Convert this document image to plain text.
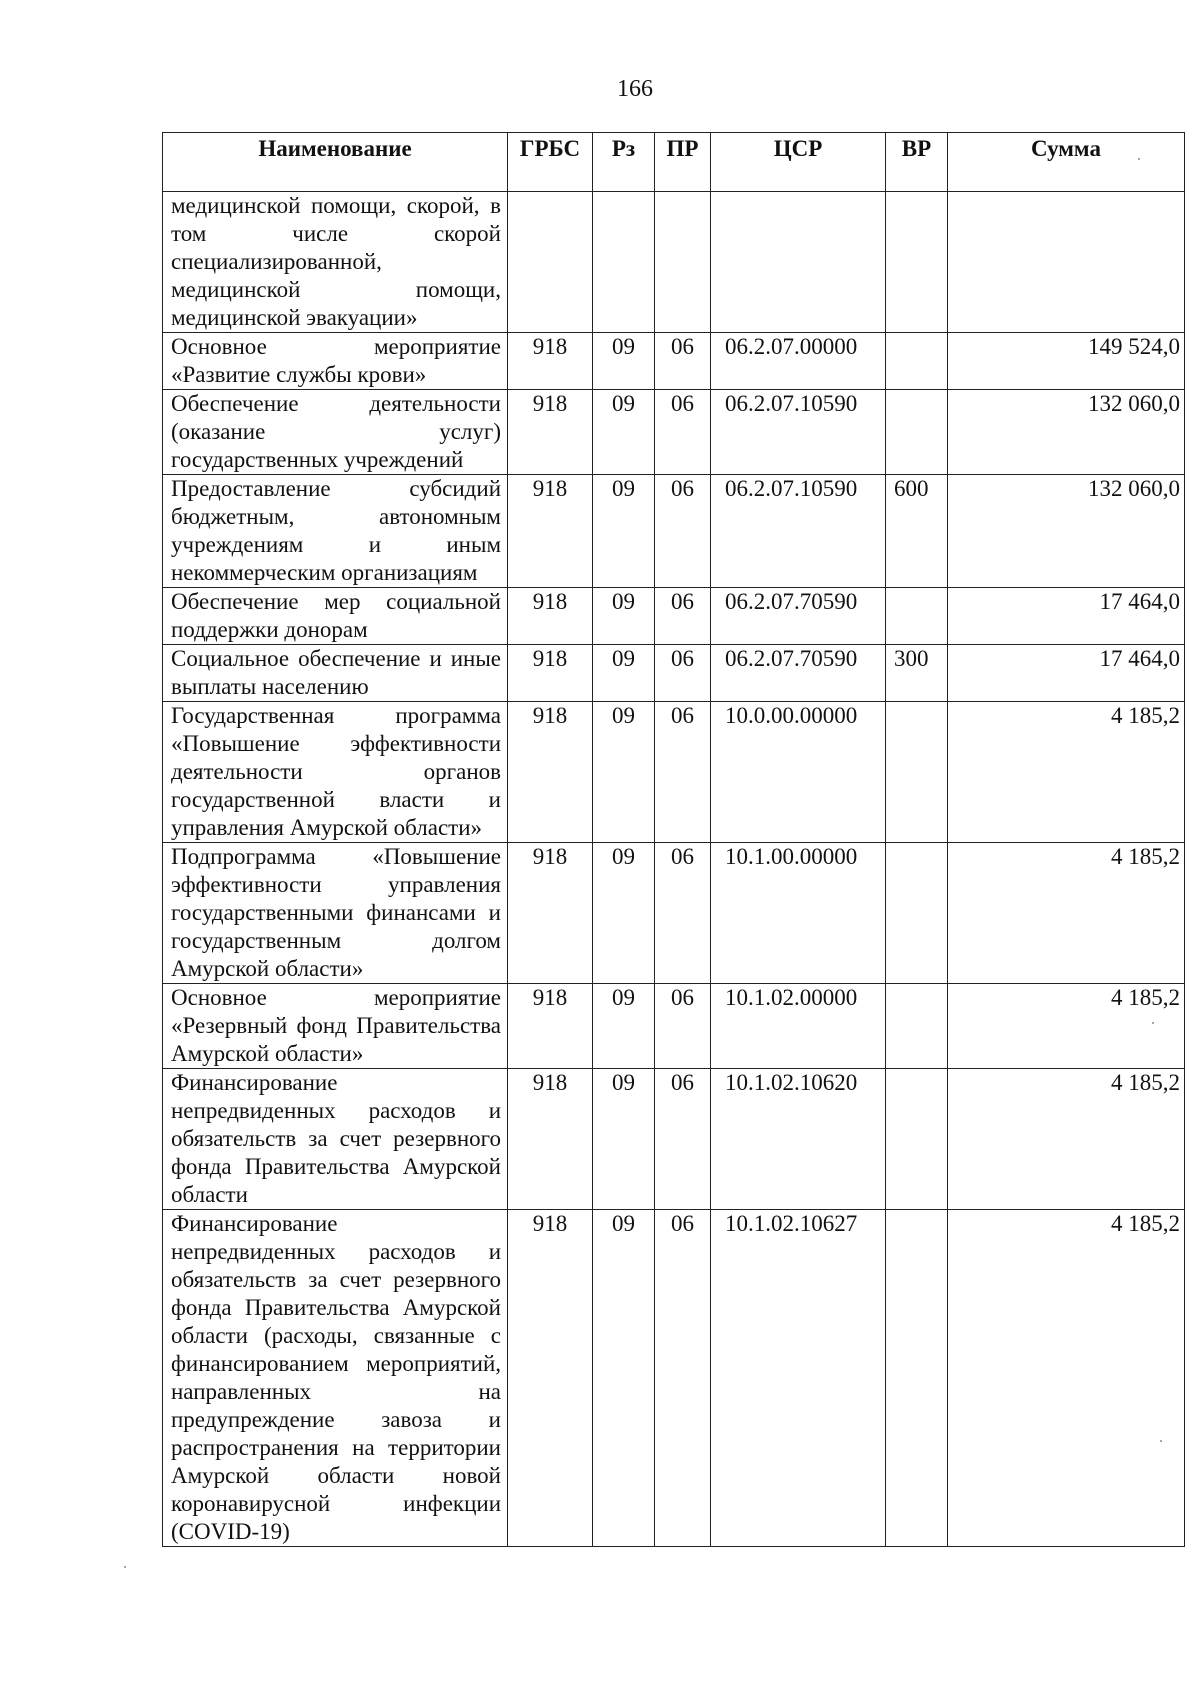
166
Наименование	ГРБС	Рз	ПР	ЦСР	ВР	Сумма
медицинской помощи, скорой, в том числе скорой специализированной, медицинской помощи, медицинской эвакуации»						
Основное мероприятие «Развитие службы крови»	918	09	06	06.2.07.00000		149 524,0
Обеспечение деятельности (оказание услуг) государственных учреждений	918	09	06	06.2.07.10590		132 060,0
Предоставление субсидий бюджетным, автономным учреждениям и иным некоммерческим организациям	918	09	06	06.2.07.10590	600	132 060,0
Обеспечение мер социальной поддержки донорам	918	09	06	06.2.07.70590		17 464,0
Социальное обеспечение и иные выплаты населению	918	09	06	06.2.07.70590	300	17 464,0
Государственная программа «Повышение эффективности деятельности органов государственной власти и управления Амурской области»	918	09	06	10.0.00.00000		4 185,2
Подпрограмма «Повышение эффективности управления государственными финансами и государственным долгом Амурской области»	918	09	06	10.1.00.00000		4 185,2
Основное мероприятие «Резервный фонд Правительства Амурской области»	918	09	06	10.1.02.00000		4 185,2
Финансирование непредвиденных расходов и обязательств за счет резервного фонда Правительства Амурской области	918	09	06	10.1.02.10620		4 185,2
Финансирование непредвиденных расходов и обязательств за счет резервного фонда Правительства Амурской области (расходы, связанные с финансированием мероприятий, направленных на предупреждение завоза и распространения на территории Амурской области новой коронавирусной инфекции (COVID-19)	918	09	06	10.1.02.10627		4 185,2
